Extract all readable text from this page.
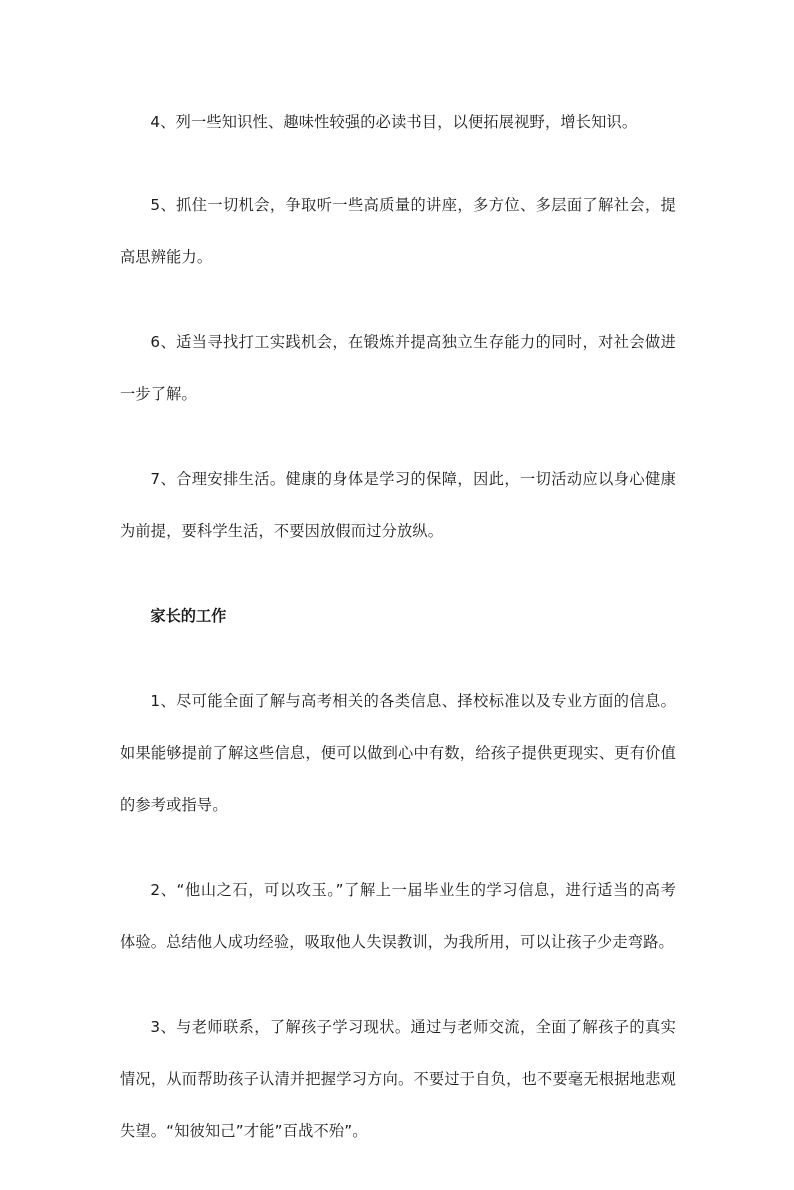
4、列一些知识性、趣味性较强的必读书目，以便拓展视野，增长知识。

5、抓住一切机会，争取听一些高质量的讲座，多方位、多层面了解社会，提高思辨能力。

6、适当寻找打工实践机会，在锻炼并提高独立生存能力的同时，对社会做进一步了解。

7、合理安排生活。健康的身体是学习的保障，因此，一切活动应以身心健康为前提，要科学生活，不要因放假而过分放纵。

家长的工作

1、尽可能全面了解与高考相关的各类信息、择校标准以及专业方面的信息。如果能够提前了解这些信息，便可以做到心中有数，给孩子提供更现实、更有价值的参考或指导。

2、“他山之石，可以攻玉。”了解上一届毕业生的学习信息，进行适当的高考体验。总结他人成功经验，吸取他人失误教训，为我所用，可以让孩子少走弯路。

3、与老师联系，了解孩子学习现状。通过与老师交流，全面了解孩子的真实情况，从而帮助孩子认清并把握学习方向。不要过于自负，也不要毫无根据地悲观失望。“知彼知己”才能”百战不殆”。
